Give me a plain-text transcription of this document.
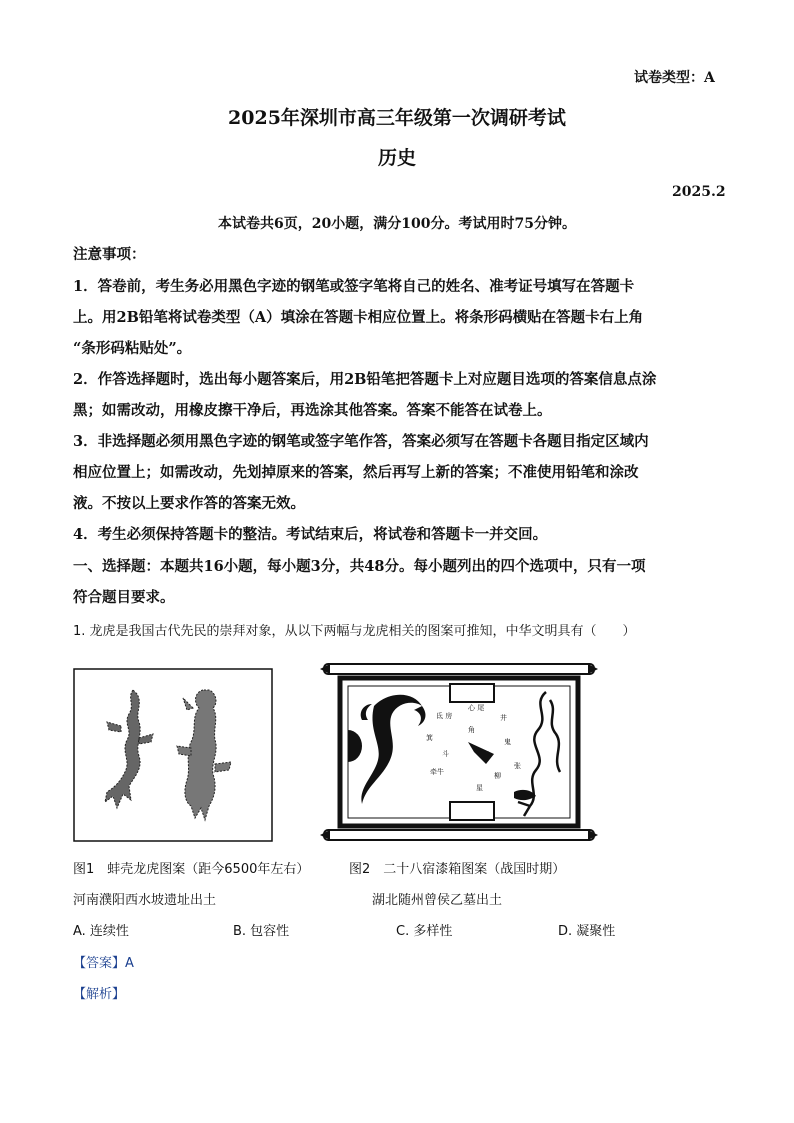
试卷类型：A
2025年深圳市高三年级第一次调研考试
历史
2025.2
本试卷共6页，20小题，满分100分。考试用时75分钟。
注意事项：
1．答卷前，考生务必用黑色字迹的钢笔或签字笔将自己的姓名、准考证号填写在答题卡
上。用2B铅笔将试卷类型（A）填涂在答题卡相应位置上。将条形码横贴在答题卡右上角
“条形码粘贴处”。
2．作答选择题时，选出每小题答案后，用2B铅笔把答题卡上对应题目选项的答案信息点涂
黑；如需改动，用橡皮擦干净后，再选涂其他答案。答案不能答在试卷上。
3．非选择题必须用黑色字迹的钢笔或签字笔作答，答案必须写在答题卡各题目指定区域内
相应位置上；如需改动，先划掉原来的答案，然后再写上新的答案；不准使用铅笔和涂改
液。不按以上要求作答的答案无效。
4．考生必须保持答题卡的整洁。考试结束后，将试卷和答题卡一并交回。
一、选择题：本题共16小题，每小题3分，共48分。每小题列出的四个选项中，只有一项
符合题目要求。
1. 龙虎是我国古代先民的崇拜对象，从以下两幅与龙虎相关的图案可推知，中华文明具有（　　）
氐 房
心 尾
箕
斗
牵牛
角
井
鬼
柳
星
张
图1　蚌壳龙虎图案（距今6500年左右）	图2　二十八宿漆箱图案（战国时期）
河南濮阳西水坡遗址出土	湖北随州曾侯乙墓出土
A. 连续性	B. 包容性	C. 多样性	D. 凝聚性
【答案】A
【解析】
